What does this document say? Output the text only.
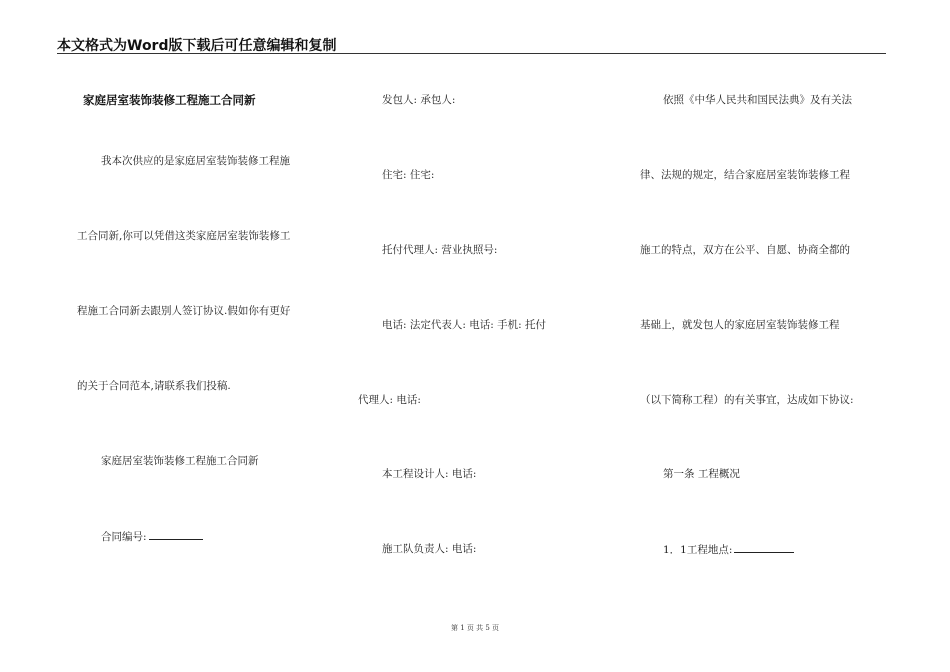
本文格式为Word版下载后可任意编辑和复制
家庭居室装饰装修工程施工合同新
我本次供应的是家庭居室装饰装修工程施
工合同新,你可以凭借这类家庭居室装饰装修工
程施工合同新去跟别人签订协议.假如你有更好
的关于合同范本,请联系我们投稿.
家庭居室装饰装修工程施工合同新
合同编号:
发包人: 承包人:
住宅: 住宅:
托付代理人: 营业执照号:
电话: 法定代表人: 电话: 手机: 托付
代理人: 电话:
本工程设计人: 电话:
施工队负责人: 电话:
依照《中华人民共和国民法典》及有关法
律、法规的规定，结合家庭居室装饰装修工程
施工的特点，双方在公平、自愿、协商全都的
基础上，就发包人的家庭居室装饰装修工程
（以下简称工程）的有关事宜，达成如下协议:
第一条 工程概况
1．1工程地点:
第 1 页 共 5 页
